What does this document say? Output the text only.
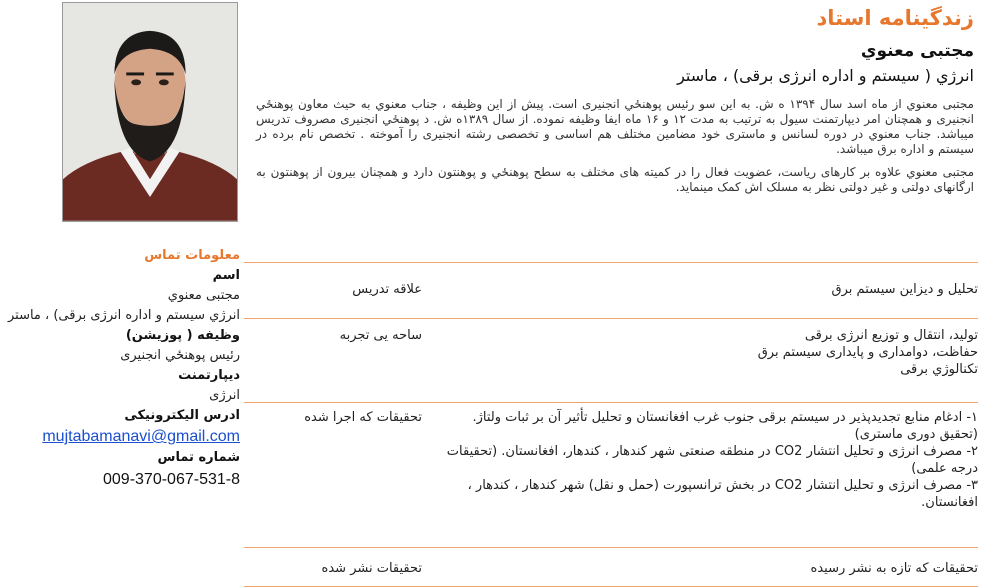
معلومات تماس
اسم
مجتبی معنوي
انرژي سیستم و اداره انرژی برقی) ، ماستر
وظیفه ( پوزیشن)
رئیس پوهنځي انجنیری
دیپارتمنت
انرژی
ادرس الیکترونیکی
mujtabamanavi@gmail.com
شماره تماس
009-370-067-531-8
زندگینامه استاد
مجتبی معنوي
انرژي ( سیستم و اداره انرژی برقی) ، ماستر
مجتبی معنوي از ماه اسد سال ۱۳۹۴ ه ش. به این سو رئیس پوهنځي انجنیری است. پیش از این وظیفه ، جناب معنوي به حیث معاون پوهنځي انجنیری و همچنان امر دیپارتمنت سیول به ترتیب به مدت ۱۲ و ۱۶ ماه ایفا وظیفه نموده. از سال ۱۳۸۹ه ش. د پوهنځي انجنیری مصروف تدریس میباشد. جناب معنوي در دوره لسانس و ماستری خود مضامین مختلف هم اساسی و تخصصی رشته انجنیری را آموخته . تخصص نام برده در سیستم و اداره برق میباشد.
مجتبی معنوي علاوه بر کارهای ریاست، عضویت فعال را در کمیته های مختلف به سطح پوهنځي و پوهنتون دارد و همچنان بیرون از پوهنتون به ارگانهای دولتی و غیر دولتی نظر به مسلک اش کمک مینماید.
علاقه تدریس	تحلیل و دیزاین سیستم برق
ساحه یی تجربه	تولید، انتقال و توزیع انرژی برقی
حفاظت، دوامداری و پایداری سیستم برق
تکنالوژي برقی
تحقیقات که اجرا شده	۱- ادغام منابع تجدیدپذیر در سیستم برقی جنوب غرب افغانستان و تحلیل تأثیر آن بر ثبات ولتاژ.(تحقیق دوری ماستری)
۲- مصرف انرژی و تحلیل انتشار CO2 در منطقه صنعتی شهر کندهار ، کندهار، افغانستان. (تحقیقات درجه علمی)
۳- مصرف انرژی و تحلیل انتشار CO2 در بخش ترانسپورت (حمل و نقل) شهر کندهار ، کندهار ، افغانستان.
تحقیقات نشر شده	تحقیقات که تازه به نشر رسیده
